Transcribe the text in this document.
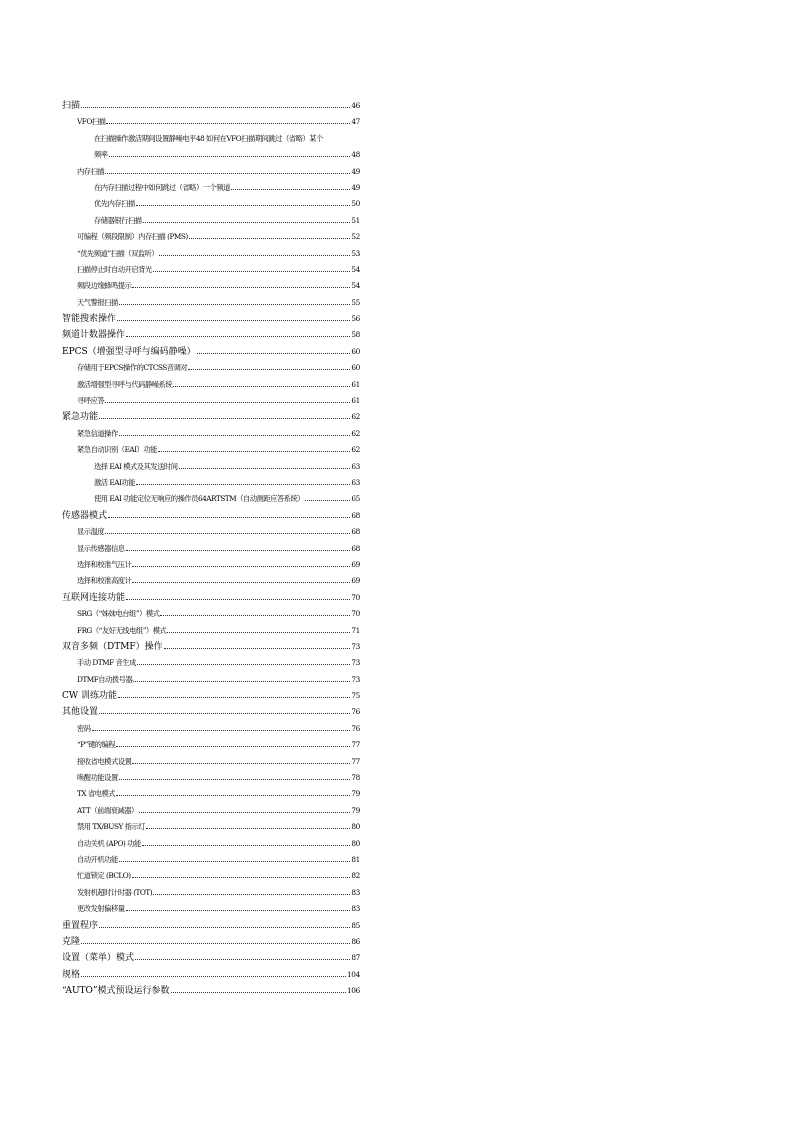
扫描	46
VFO扫描	47
在扫描操作激活期间设置静噪电平48 如何在VFO扫描期间跳过（省略）某个
频率	48
内存扫描	49
在内存扫描过程中如何跳过（省略）一个频道	49
优先内存扫描	50
存储器银行扫描	51
可编程（频段限制）内存扫描 (PMS)	52
“优先频道”扫描（双监听）	53
扫描停止时自动开启背光	54
频段边缘蜂鸣提示	54
天气警报扫描	55
智能搜索操作	56
频道计数器操作	58
EPCS（增强型寻呼与编码静噪）	60
存储用于EPCS操作的CTCSS音调对	60
激活增强型寻呼与代码静噪系统	61
寻呼应答	61
紧急功能	62
紧急信道操作	62
紧急自动识别（EAI）功能	62
选择 EAI 模式及其发送时间	63
激活 EAI功能	63
使用 EAI 功能定位无响应的操作员64ARTSTM（自动测距应答系统）	65
传感器模式	68
显示温度	68
显示传感器信息	68
选择和校准气压计	69
选择和校准高度计	69
互联网连接功能	70
SRG（“姊妹电台组”）模式	70
FRG（“友好无线电组”）模式	71
双音多频（DTMF）操作	73
手动 DTMF 音生成	73
DTMF自动拨号器	73
CW 训练功能	75
其他设置	76
密码	76
“P”键的编程	77
接收省电模式设置	77
唤醒功能设置	78
TX 省电模式	79
ATT（前端衰减器）	79
禁用 TX/BUSY 指示灯	80
自动关机 (APO) 功能	80
自动开机功能	81
忙道锁定 (BCLO)	82
发射机超时计时器 (TOT)	83
更改发射偏移量	83
重置程序	85
克隆	86
设置（菜单）模式	87
规格	104
“AUTO”模式预设运行参数	106
